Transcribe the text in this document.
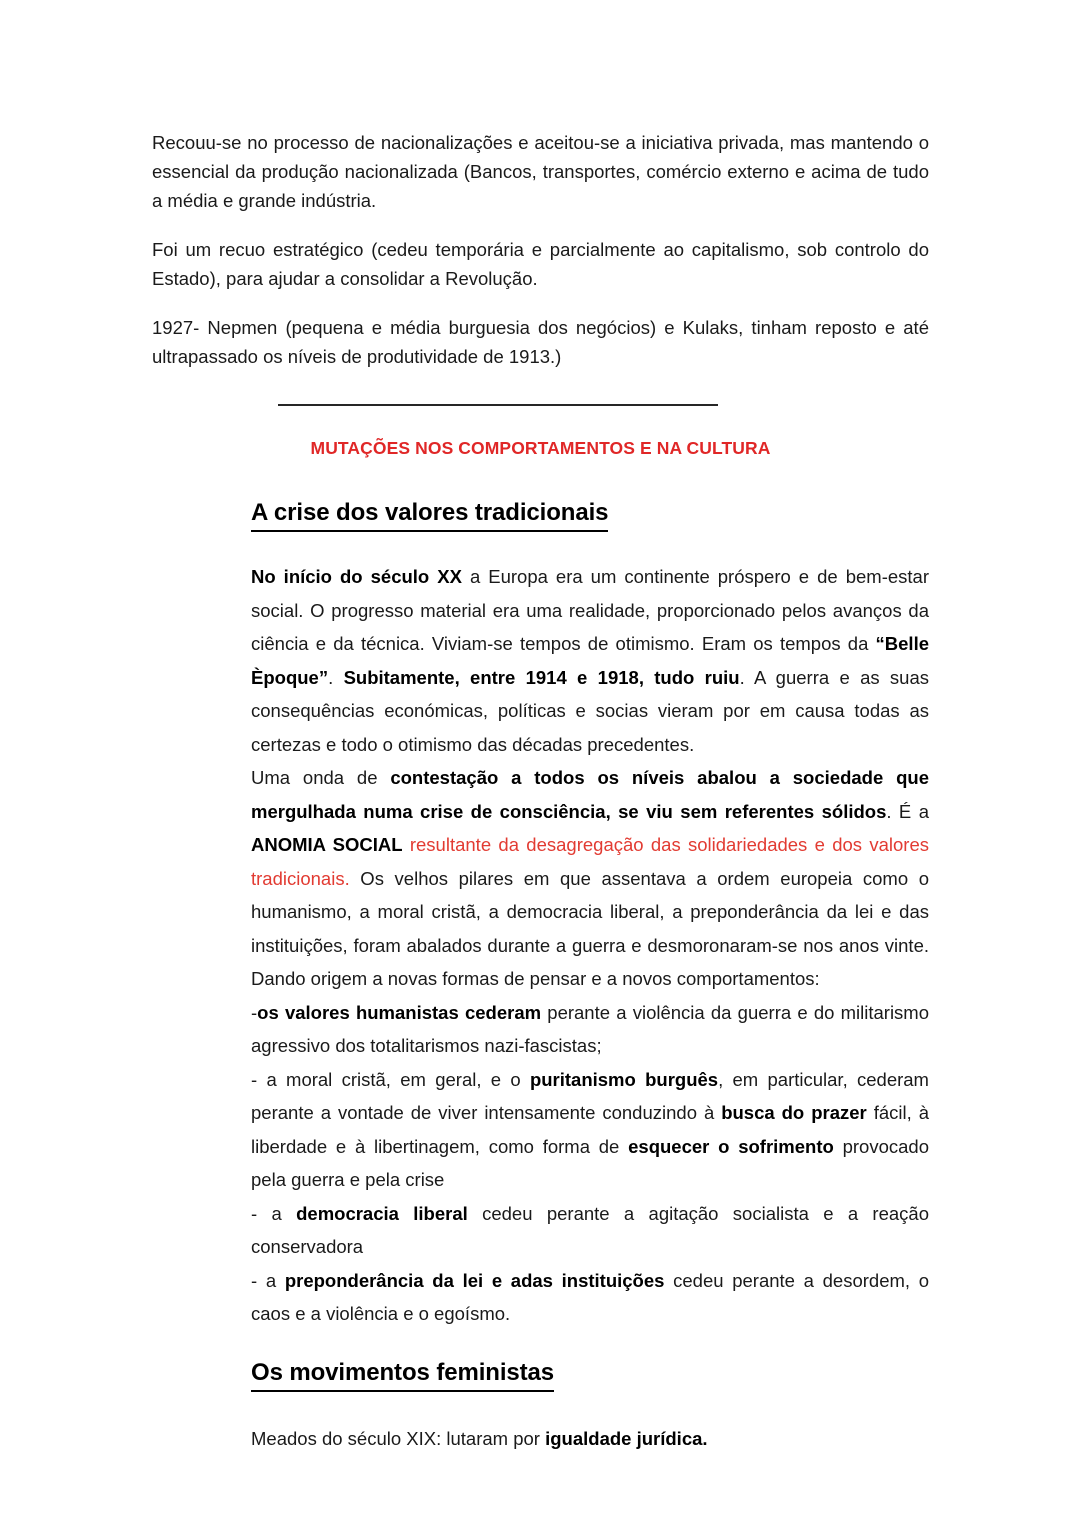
Recouu-se no processo de nacionalizações e aceitou-se a iniciativa privada, mas mantendo o essencial da produção nacionalizada (Bancos, transportes, comércio externo e acima de tudo a média e grande indústria.

Foi um recuo estratégico (cedeu temporária e parcialmente ao capitalismo, sob controlo do Estado), para ajudar a consolidar a Revolução.

1927- Nepmen (pequena e média burguesia dos negócios) e Kulaks, tinham reposto e até ultrapassado os níveis de produtividade de 1913.)

MUTAÇÕES NOS COMPORTAMENTOS E NA CULTURA
A crise dos valores tradicionais

No início do século XX a Europa era um continente próspero e de bem-estar social. O progresso material era uma realidade, proporcionado pelos avanços da ciência e da técnica. Viviam-se tempos de otimismo. Eram os tempos da “Belle Èpoque”. Subitamente, entre 1914 e 1918, tudo ruiu. A guerra e as suas consequências económicas, políticas e socias vieram por em causa todas as certezas e todo o otimismo das décadas precedentes.

Uma onda de contestação a todos os níveis abalou a sociedade que mergulhada numa crise de consciência, se viu sem referentes sólidos. É a ANOMIA SOCIAL resultante da desagregação das solidariedades e dos valores tradicionais. Os velhos pilares em que assentava a ordem europeia como o humanismo, a moral cristã, a democracia liberal, a preponderância da lei e das instituições, foram abalados durante a guerra e desmoronaram-se nos anos vinte. Dando origem a novas formas de pensar e a novos comportamentos:

-os valores humanistas cederam perante a violência da guerra e do militarismo agressivo dos totalitarismos nazi-fascistas;

- a moral cristã, em geral, e o puritanismo burguês, em particular, cederam perante a vontade de viver intensamente conduzindo à busca do prazer fácil, à liberdade e à libertinagem, como forma de esquecer o sofrimento provocado pela guerra e pela crise

- a democracia liberal cedeu perante a agitação socialista e a reação conservadora

- a preponderância da lei e adas instituições cedeu perante a desordem, o caos e a violência e o egoísmo.

Os movimentos feministas

Meados do século XIX: lutaram por igualdade jurídica.
